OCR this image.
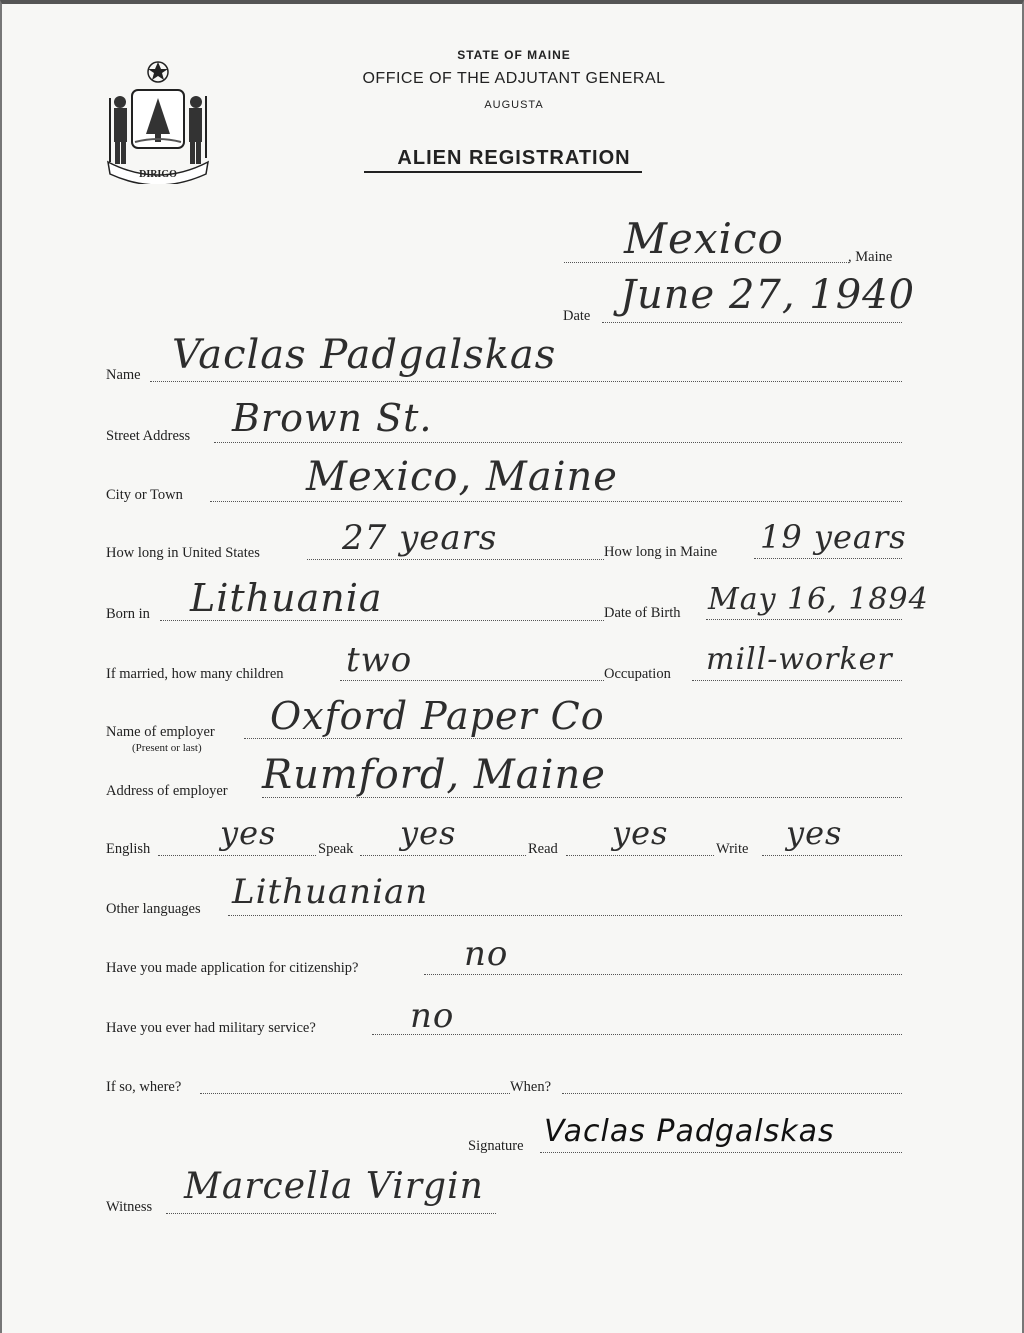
DIRIGO
STATE OF MAINE
OFFICE OF THE ADJUTANT GENERAL
AUGUSTA
ALIEN REGISTRATION
Mexico	, Maine
Date June 27, 1940
Name Vaclas Padgalskas
Street Address Brown St.
City or Town	Mexico, Maine
How long in United States 27 years	How long in Maine 19 years
Born in Lithuania	Date of Birth May 16, 1894
If married, how many children two	Occupation mill-worker
Name of employer
(Present or last)
Oxford Paper Co
Address of employer Rumford, Maine
English yes	Speak yes	Read yes	Write yes
Other languages Lithuanian
Have you made application for citizenship?	no
Have you ever had military service?	no
If so, where?	When?
Signature Vaclas Padgalskas
Witness Marcella Virgin
